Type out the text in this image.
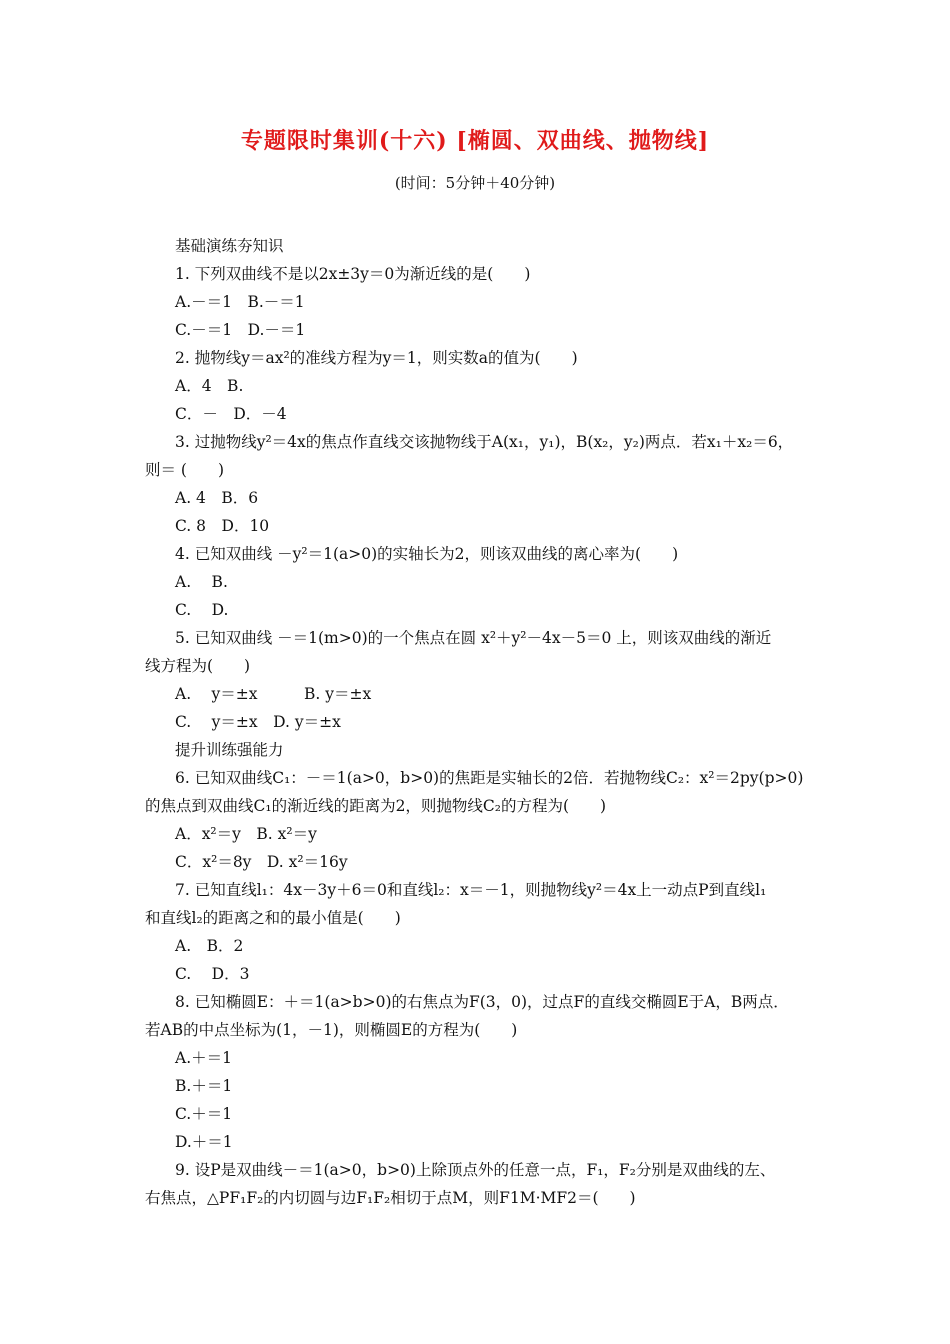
专题限时集训(十六) [椭圆、双曲线、抛物线]
(时间：5分钟＋40分钟)
基础演练夯知识
1. 下列双曲线不是以2x±3y＝0为渐近线的是(　　)
A.－＝1　B.－＝1
C.－＝1　D.－＝1
2. 抛物线y＝ax²的准线方程为y＝1，则实数a的值为(　　)
A．4　B.
C．－　D．－4
3. 过抛物线y²＝4x的焦点作直线交该抛物线于A(x₁，y₁)，B(x₂，y₂)两点．若x₁＋x₂＝6，
则＝ (　　)
A. 4　B．6
C. 8　D．10
4. 已知双曲线 －y²＝1(a>0)的实轴长为2，则该双曲线的离心率为(　　)
A.　 B.
C.　 D.
5. 已知双曲线 －＝1(m>0)的一个焦点在圆 x²＋y²－4x－5＝0 上，则该双曲线的渐近
线方程为(　　)
A.　 y＝±x　　　B. y＝±x
C.　 y＝±x　D. y＝±x
提升训练强能力
6. 已知双曲线C₁：－＝1(a>0，b>0)的焦距是实轴长的2倍．若抛物线C₂：x²＝2py(p>0)
的焦点到双曲线C₁的渐近线的距离为2，则抛物线C₂的方程为(　　)
A．x²＝y　B. x²＝y
C．x²＝8y　D. x²＝16y
7. 已知直线l₁：4x－3y＋6＝0和直线l₂：x＝－1，则抛物线y²＝4x上一动点P到直线l₁
和直线l₂的距离之和的最小值是(　　)
A.　B．2
C.　 D．3
8. 已知椭圆E：＋＝1(a>b>0)的右焦点为F(3，0)，过点F的直线交椭圆E于A，B两点．
若AB的中点坐标为(1，－1)，则椭圆E的方程为(　　)
A.＋＝1
B.＋＝1
C.＋＝1
D.＋＝1
9. 设P是双曲线－＝1(a>0，b>0)上除顶点外的任意一点，F₁，F₂分别是双曲线的左、
右焦点，△PF₁F₂的内切圆与边F₁F₂相切于点M，则F1M·MF2＝(　　)
